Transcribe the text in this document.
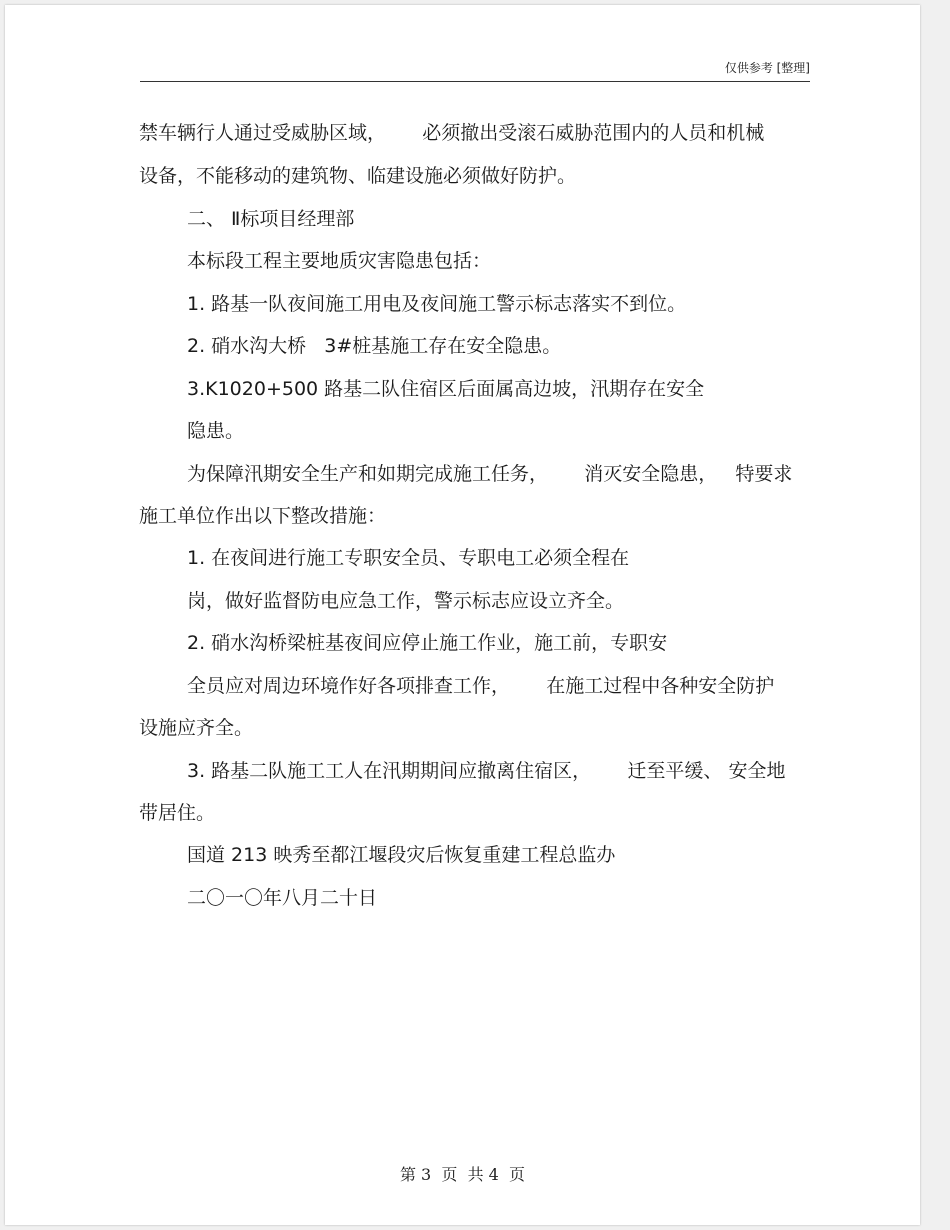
仅供参考 [整理]
禁车辆行人通过受威胁区域，      必须撤出受滚石威胁范围内的人员和机械
设备，不能移动的建筑物、临建设施必须做好防护。
二、 Ⅱ标项目经理部
本标段工程主要地质灾害隐患包括：
1. 路基一队夜间施工用电及夜间施工警示标志落实不到位。
2. 硝水沟大桥   3#桩基施工存在安全隐患。
3.K1020+500 路基二队住宿区后面属高边坡，汛期存在安全
隐患。
为保障汛期安全生产和如期完成施工任务，      消灭安全隐患，   特要求
施工单位作出以下整改措施：
1. 在夜间进行施工专职安全员、专职电工必须全程在
岗，做好监督防电应急工作，警示标志应设立齐全。
2. 硝水沟桥梁桩基夜间应停止施工作业，施工前，专职安
全员应对周边环境作好各项排查工作，      在施工过程中各种安全防护
设施应齐全。
3. 路基二队施工工人在汛期期间应撤离住宿区，      迁至平缓、 安全地
带居住。
国道 213 映秀至都江堰段灾后恢复重建工程总监办
二〇一〇年八月二十日
第 3  页  共 4  页
